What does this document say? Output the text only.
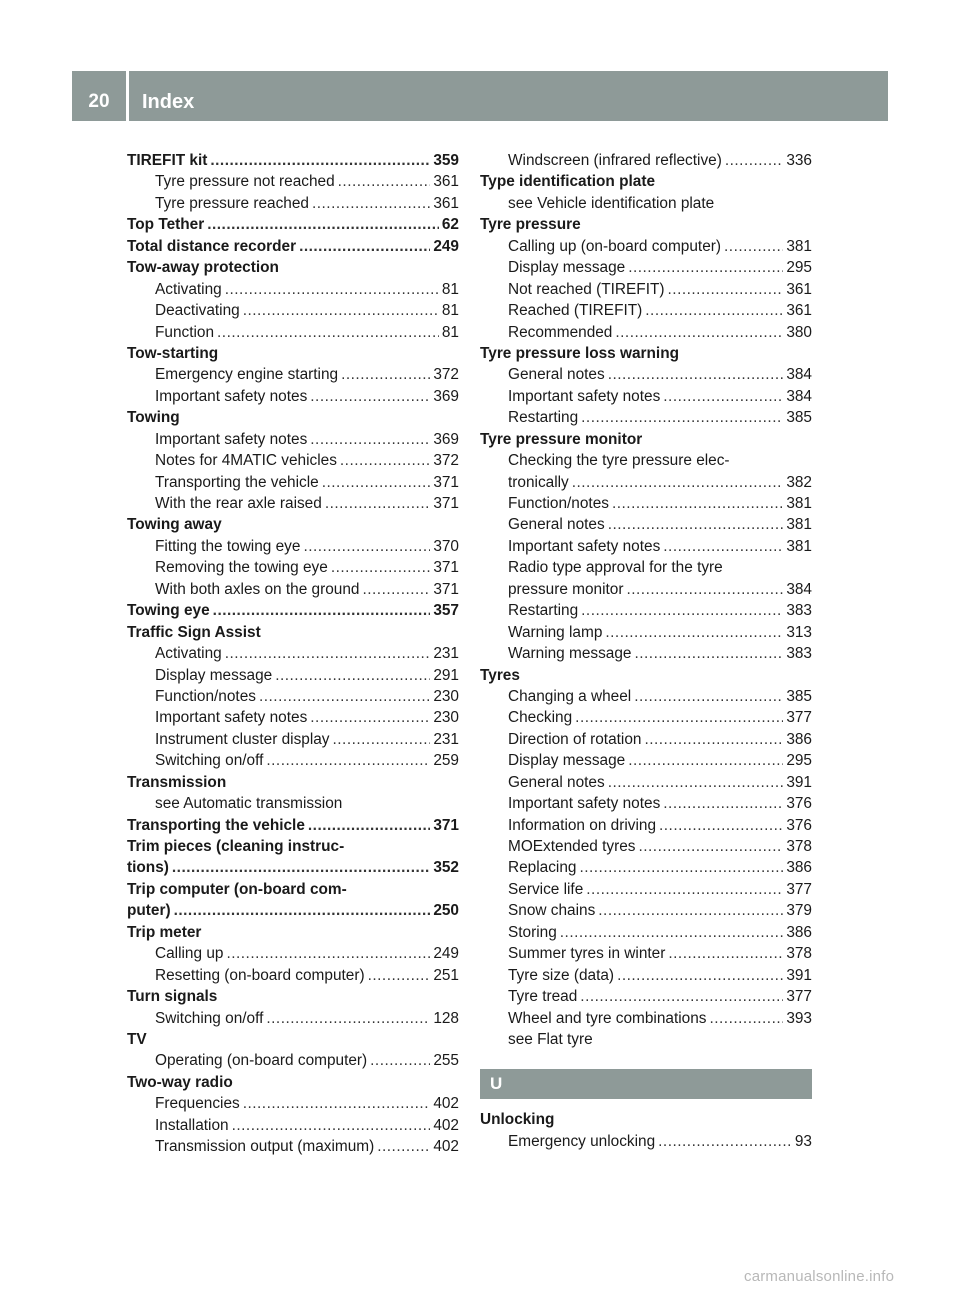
20	Index
TIREFIT kit .....	359
Tyre pressure not reached .....	361
Tyre pressure reached .....	361
Top Tether .....	62
Total distance recorder .....	249
Tow-away protection
Activating .....	81
Deactivating .....	81
Function .....	81
Tow-starting
Emergency engine starting .....	372
Important safety notes .....	369
Towing
Important safety notes .....	369
Notes for 4MATIC vehicles .....	372
Transporting the vehicle .....	371
With the rear axle raised .....	371
Towing away
Fitting the towing eye .....	370
Removing the towing eye .....	371
With both axles on the ground .....	371
Towing eye .....	357
Traffic Sign Assist
Activating .....	231
Display message .....	291
Function/notes .....	230
Important safety notes .....	230
Instrument cluster display .....	231
Switching on/off .....	259
Transmission
see Automatic transmission
Transporting the vehicle .....	371
Trim pieces (cleaning instruc-
tions) .....	352
Trip computer (on-board com-
puter) .....	250
Trip meter
Calling up .....	249
Resetting (on-board computer) .....	251
Turn signals
Switching on/off .....	128
TV
Operating (on-board computer) .....	255
Two-way radio
Frequencies .....	402
Installation .....	402
Transmission output (maximum) .....	402
Windscreen (infrared reflective) .....	336
Type identification plate
see Vehicle identification plate
Tyre pressure
Calling up (on-board computer) .....	381
Display message .....	295
Not reached (TIREFIT) .....	361
Reached (TIREFIT) .....	361
Recommended .....	380
Tyre pressure loss warning
General notes .....	384
Important safety notes .....	384
Restarting .....	385
Tyre pressure monitor
Checking the tyre pressure elec-
tronically .....	382
Function/notes .....	381
General notes .....	381
Important safety notes .....	381
Radio type approval for the tyre
pressure monitor .....	384
Restarting .....	383
Warning lamp .....	313
Warning message .....	383
Tyres
Changing a wheel .....	385
Checking .....	377
Direction of rotation .....	386
Display message .....	295
General notes .....	391
Important safety notes .....	376
Information on driving .....	376
MOExtended tyres .....	378
Replacing .....	386
Service life .....	377
Snow chains .....	379
Storing .....	386
Summer tyres in winter .....	378
Tyre size (data) .....	391
Tyre tread .....	377
Wheel and tyre combinations .....	393
see Flat tyre
U
Unlocking
Emergency unlocking .....	93
carmanualsonline.info
